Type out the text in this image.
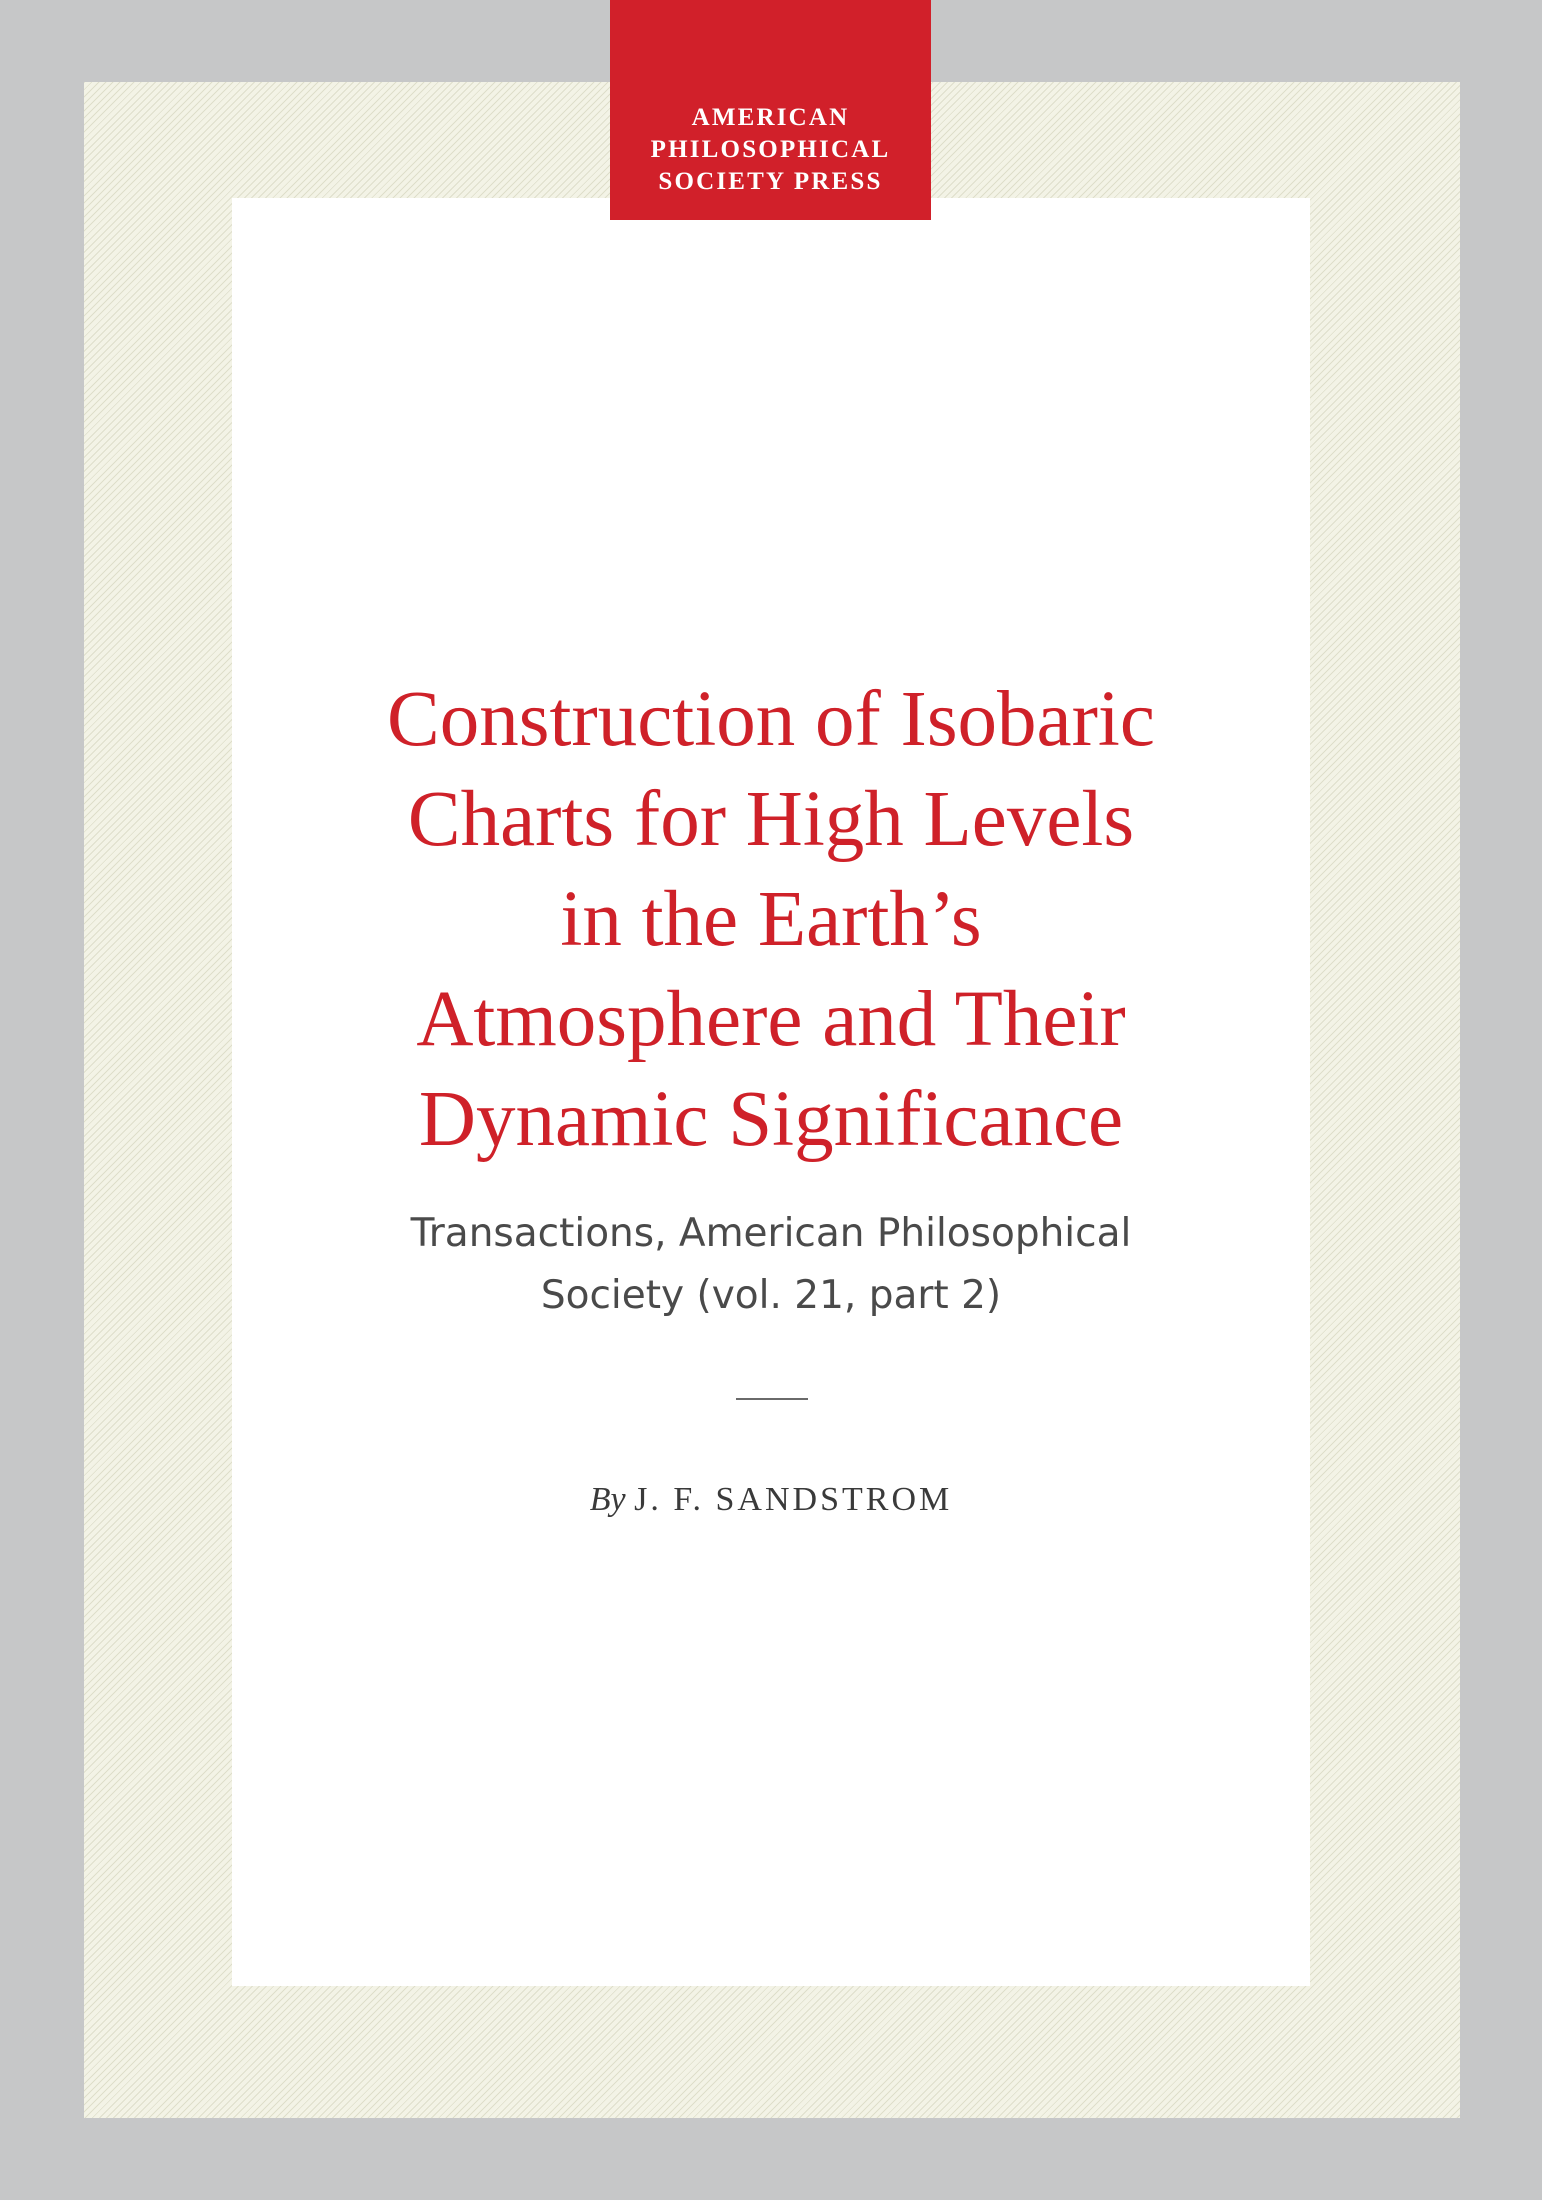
AMERICAN
PHILOSOPHICAL
SOCIETY PRESS

Construction of Isobaric
Charts for High Levels
in the Earth’s
Atmosphere and Their
Dynamic Significance

Transactions, American Philosophical
Society (vol. 21, part 2)

By J. F. SANDSTROM
